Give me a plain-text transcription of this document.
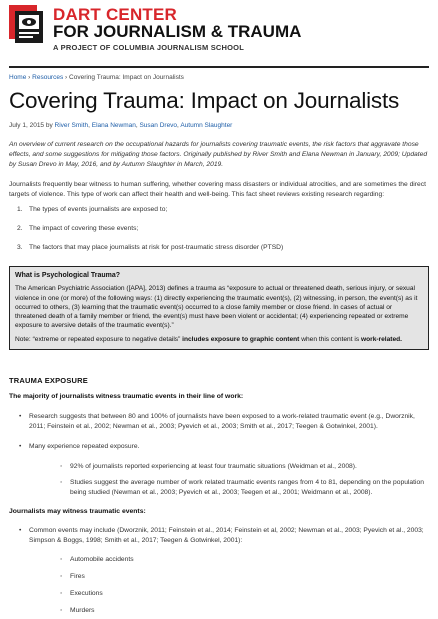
DART CENTER
FOR JOURNALISM & TRAUMA
A PROJECT OF COLUMBIA JOURNALISM SCHOOL
Home › Resources › Covering Trauma: Impact on Journalists
Covering Trauma: Impact on Journalists
July 1, 2015 by River Smith, Elana Newman, Susan Drevo, Autumn Slaughter

An overview of current research on the occupational hazards for journalists covering traumatic events, the risk factors that aggravate those effects, and some suggestions for mitigating those factors. Originally published by River Smith and Elana Newman in January, 2009; Updated by Susan Drevo in May, 2016, and by Autumn Slaughter in March, 2019.

Journalists frequently bear witness to human suffering, whether covering mass disasters or individual atrocities, and are sometimes the direct targets of violence. This type of work can affect their health and well-being. This fact sheet reviews existing research regarding:

1. The types of events journalists are exposed to;
2. The impact of covering these events;
3. The factors that may place journalists at risk for post-traumatic stress disorder (PTSD)
What is Psychological Trauma?
The American Psychiatric Association ([APA], 2013) defines a trauma as “exposure to actual or threatened death, serious injury, or sexual violence in one (or more) of the following ways: (1) directly experiencing the traumatic event(s), (2) witnessing, in person, the event(s) as it occurred to others, (3) learning that the traumatic event(s) occurred to a close family member or close friend. In cases of actual or threatened death of a family member or friend, the event(s) must have been violent or accidental; (4) experiencing repeated or extreme exposure to aversive details of the traumatic event(s).”
Note: “extreme or repeated exposure to negative details” includes exposure to graphic content when this content is work-related.
TRAUMA EXPOSURE
The majority of journalists witness traumatic events in their line of work:
• Research suggests that between 80 and 100% of journalists have been exposed to a work-related traumatic event (e.g., Dworznik, 2011; Feinstein et al., 2002; Newman et al., 2003; Pyevich et al., 2003; Smith et al., 2017; Teegen & Gotwinkel, 2001).
• Many experience repeated exposure.
◦ 92% of journalists reported experiencing at least four traumatic situations (Weidman et al., 2008).
◦ Studies suggest the average number of work related traumatic events ranges from 4 to 81, depending on the population being studied (Newman et al., 2003; Pyevich et al., 2003; Teegen et al., 2001; Weidmann et al., 2008).
Journalists may witness traumatic events:
• Common events may include (Dworznik, 2011; Feinstein et al., 2014; Feinstein et al, 2002; Newman et al., 2003; Pyevich et al., 2003; Simpson & Boggs, 1998; Smith et al., 2017; Teegen & Gotwinkel, 2001):
◦ Automobile accidents
◦ Fires
◦ Executions
◦ Murders
